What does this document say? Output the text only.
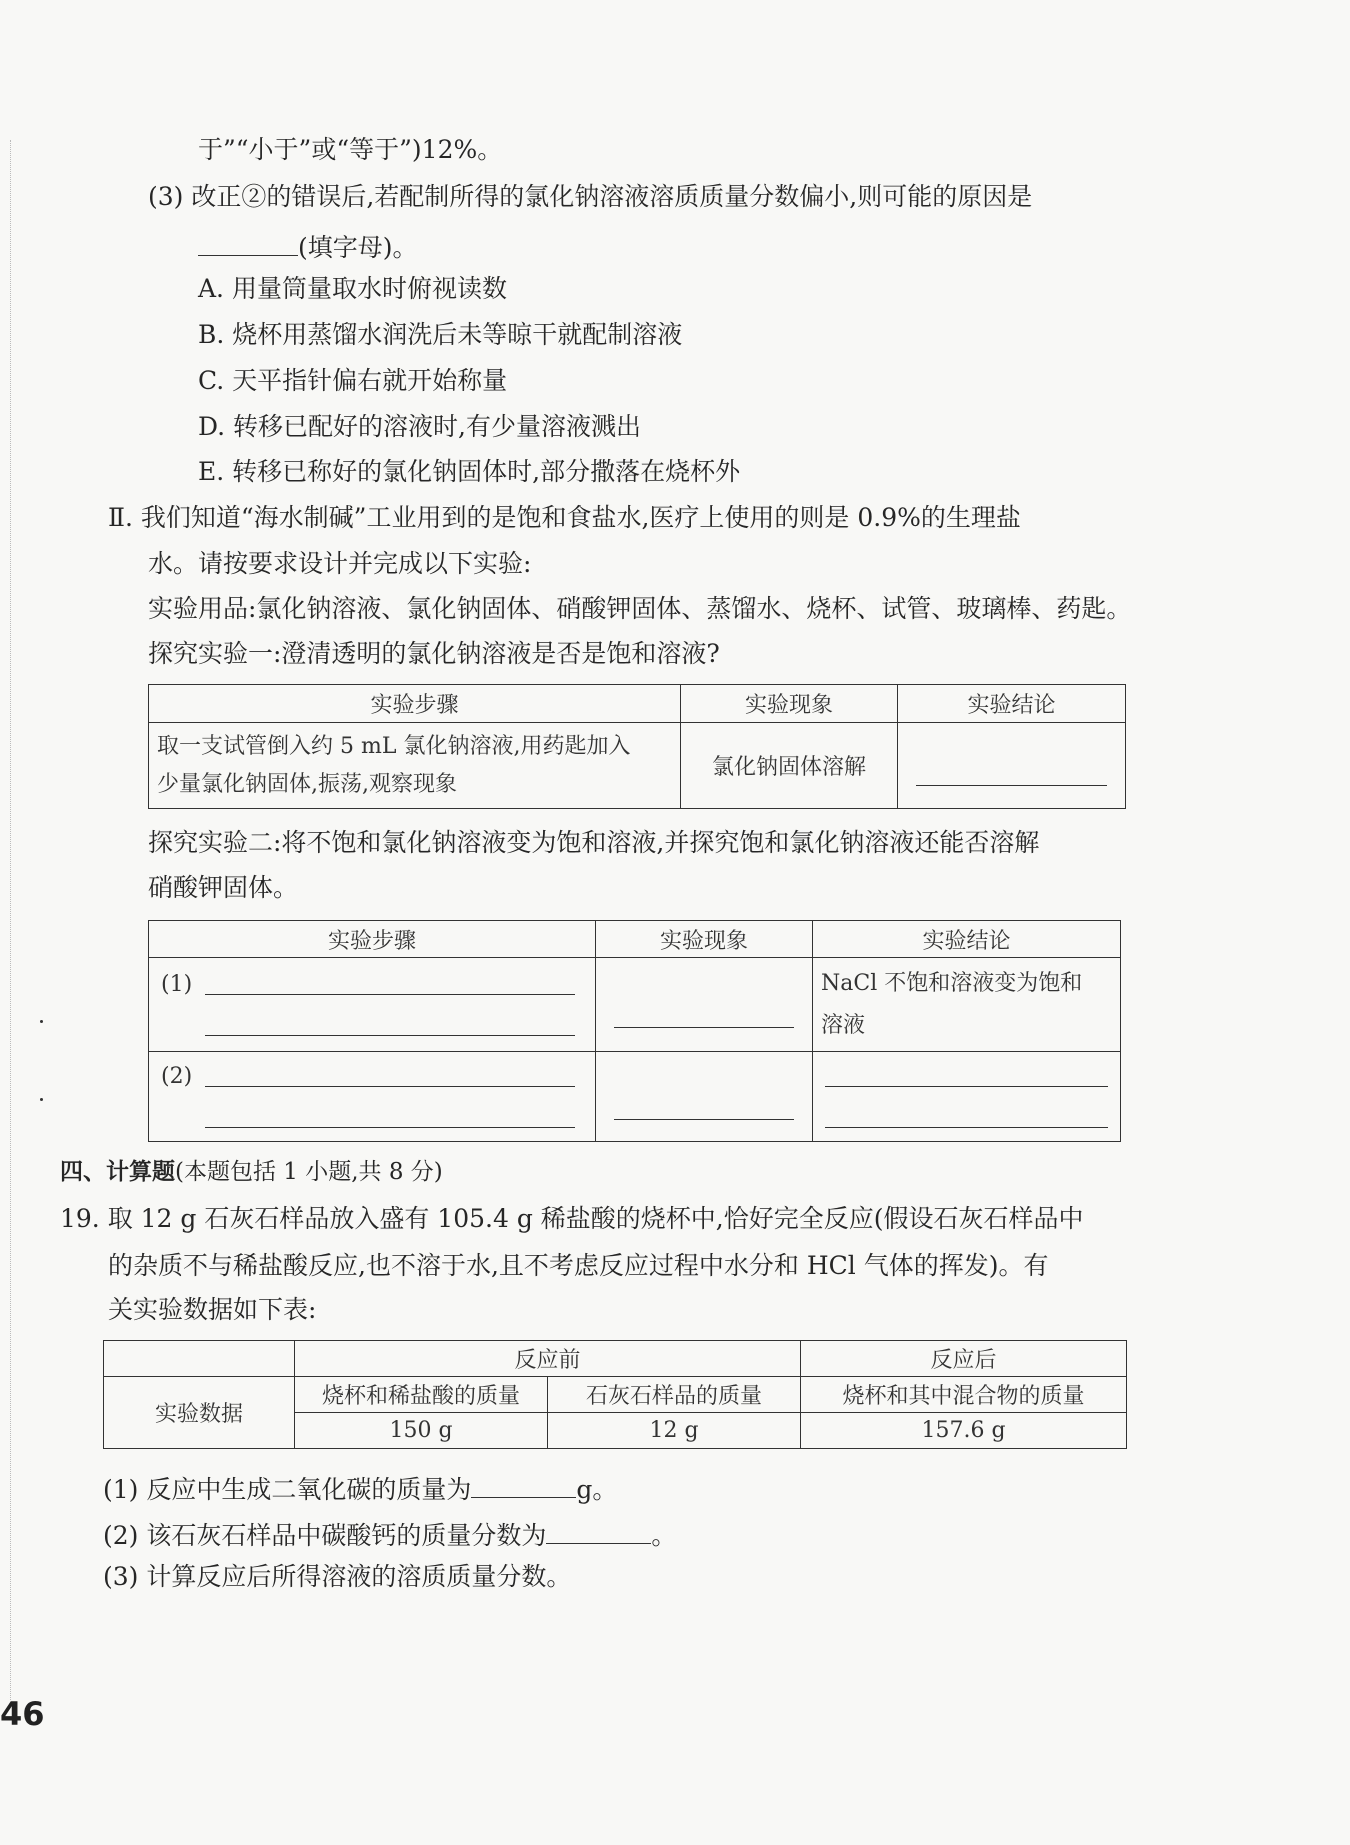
于”“小于”或“等于”)12%。
(3) 改正②的错误后,若配制所得的氯化钠溶液溶质质量分数偏小,则可能的原因是
(填字母)。
A. 用量筒量取水时俯视读数
B. 烧杯用蒸馏水润洗后未等晾干就配制溶液
C. 天平指针偏右就开始称量
D. 转移已配好的溶液时,有少量溶液溅出
E. 转移已称好的氯化钠固体时,部分撒落在烧杯外
Ⅱ. 我们知道“海水制碱”工业用到的是饱和食盐水,医疗上使用的则是 0.9%的生理盐
水。请按要求设计并完成以下实验:
实验用品:氯化钠溶液、氯化钠固体、硝酸钾固体、蒸馏水、烧杯、试管、玻璃棒、药匙。
探究实验一:澄清透明的氯化钠溶液是否是饱和溶液?
实验步骤	实验现象	实验结论

取一支试管倒入约 5 mL 氯化钠溶液,用药匙加入
少量氯化钠固体,振荡,观察现象	氯化钠固体溶解	
探究实验二:将不饱和氯化钠溶液变为饱和溶液,并探究饱和氯化钠溶液还能否溶解
硝酸钾固体。
实验步骤	实验现象	实验结论

(1)		NaCl 不饱和溶液变为饱和
溶液

(2)		

四、计算题(本题包括 1 小题,共 8 分)
19. 取 12 g 石灰石样品放入盛有 105.4 g 稀盐酸的烧杯中,恰好完全反应(假设石灰石样品中
的杂质不与稀盐酸反应,也不溶于水,且不考虑反应过程中水分和 HCl 气体的挥发)。有
关实验数据如下表:
	反应前		反应后
实验数据	烧杯和稀盐酸的质量	石灰石样品的质量	烧杯和其中混合物的质量
	150 g	12 g	157.6 g
(1) 反应中生成二氧化碳的质量为	g。
(2) 该石灰石样品中碳酸钙的质量分数为	。
(3) 计算反应后所得溶液的溶质质量分数。
46
